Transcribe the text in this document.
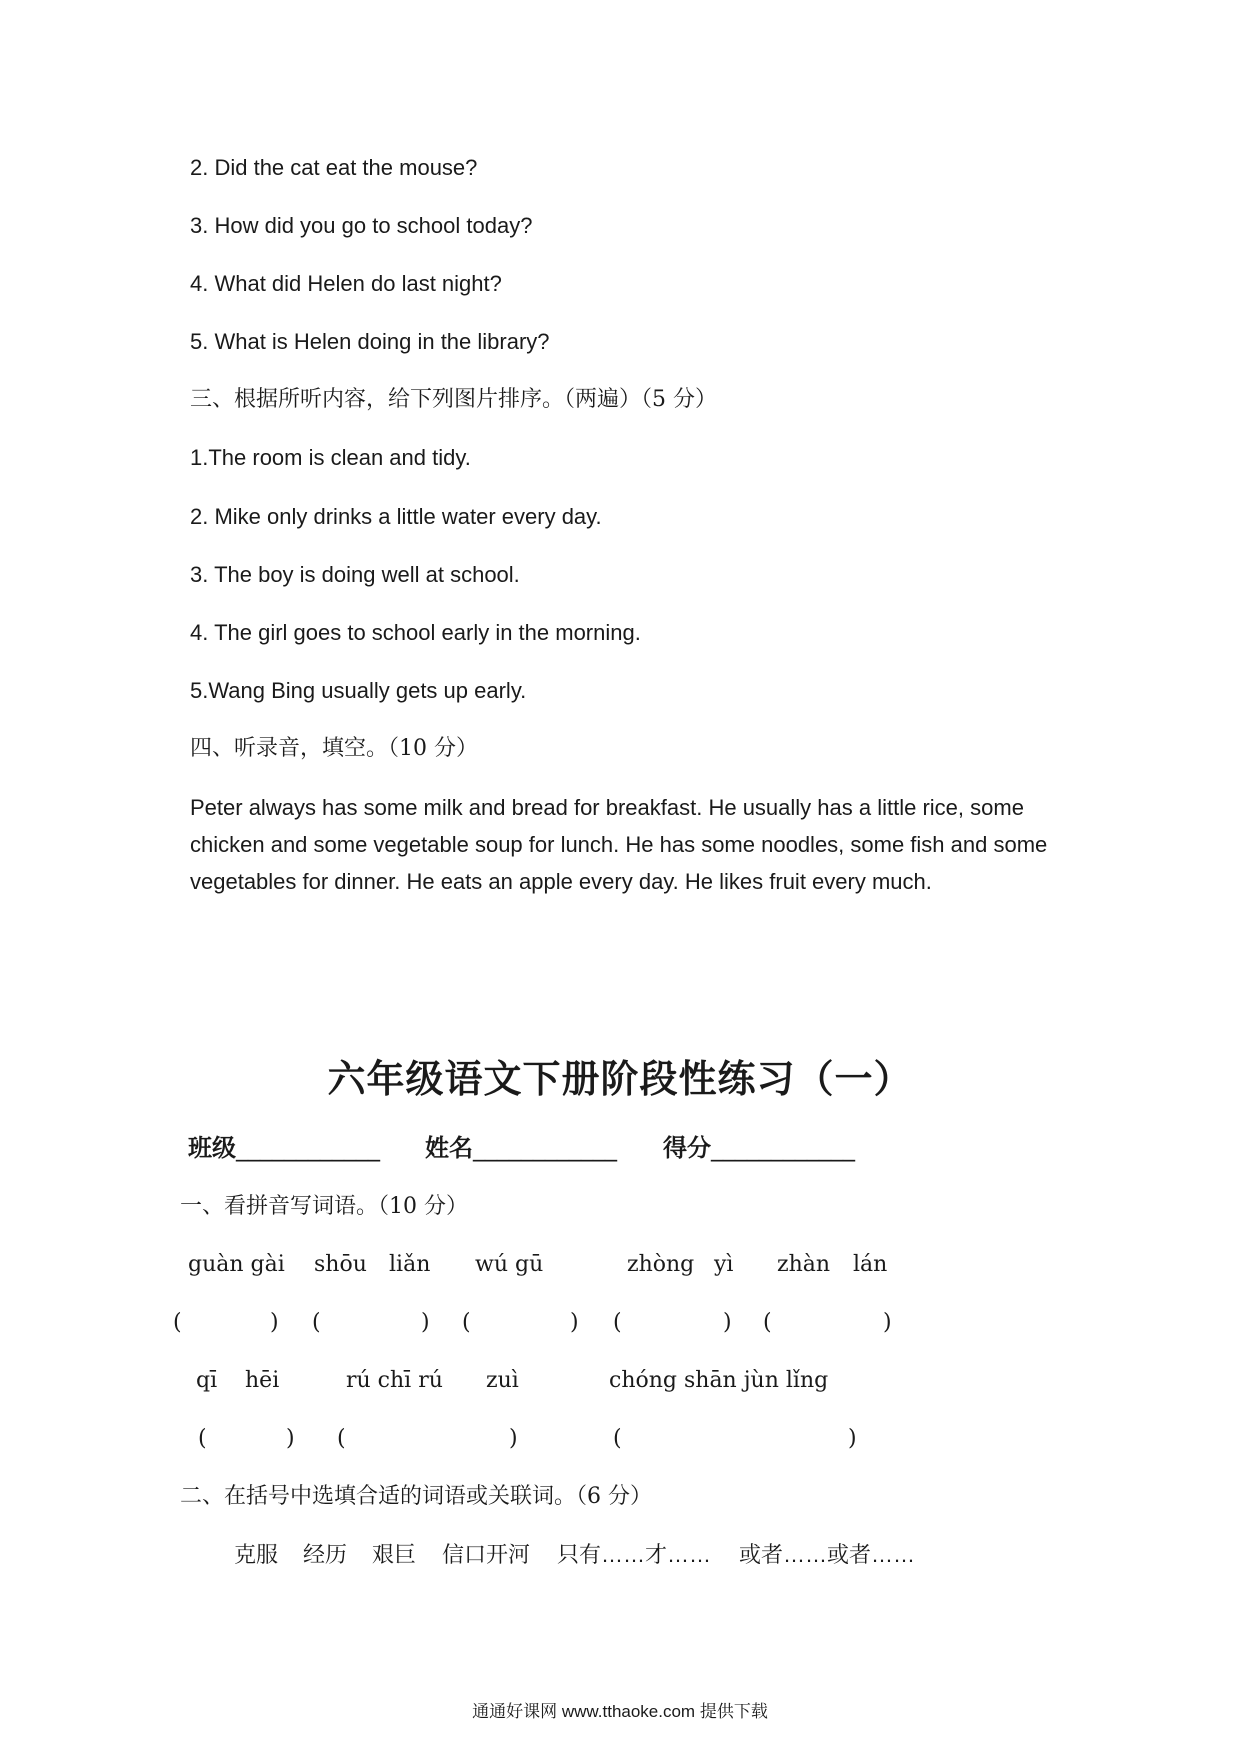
2. Did the cat eat the mouse?
3. How did you go to school today?
4. What did Helen do last night?
5. What is Helen doing in the library?
三、根据所听内容，给下列图片排序。（两遍）（5 分）
1.The room is clean and tidy.
2. Mike only drinks a little water every day.
3. The boy is doing well at school.
4. The girl goes to school early in the morning.
5.Wang Bing usually gets up early.
四、听录音，填空。（10 分）
Peter always has some milk and bread for breakfast. He usually has a little rice, some chicken and some vegetable soup for lunch. He has some noodles, some fish and some vegetables for dinner. He eats an apple every day. He likes fruit every much.
六年级语文下册阶段性练习（一）
班级____________ 姓名____________ 得分____________
一、看拼音写词语。（10 分）
guàn gài shōu liǎn wú gū	zhòng yì zhàn lán
(	) (	) (	) (	) (	)
qī hēi	rú chī rú zuì	chóng shān jùn lǐng
(	) (	)	(	)
二、在括号中选填合适的词语或关联词。（6 分）
克服 经历 艰巨 信口开河 只有……才…… 或者……或者……
通通好课网 www.tthaoke.com 提供下载
